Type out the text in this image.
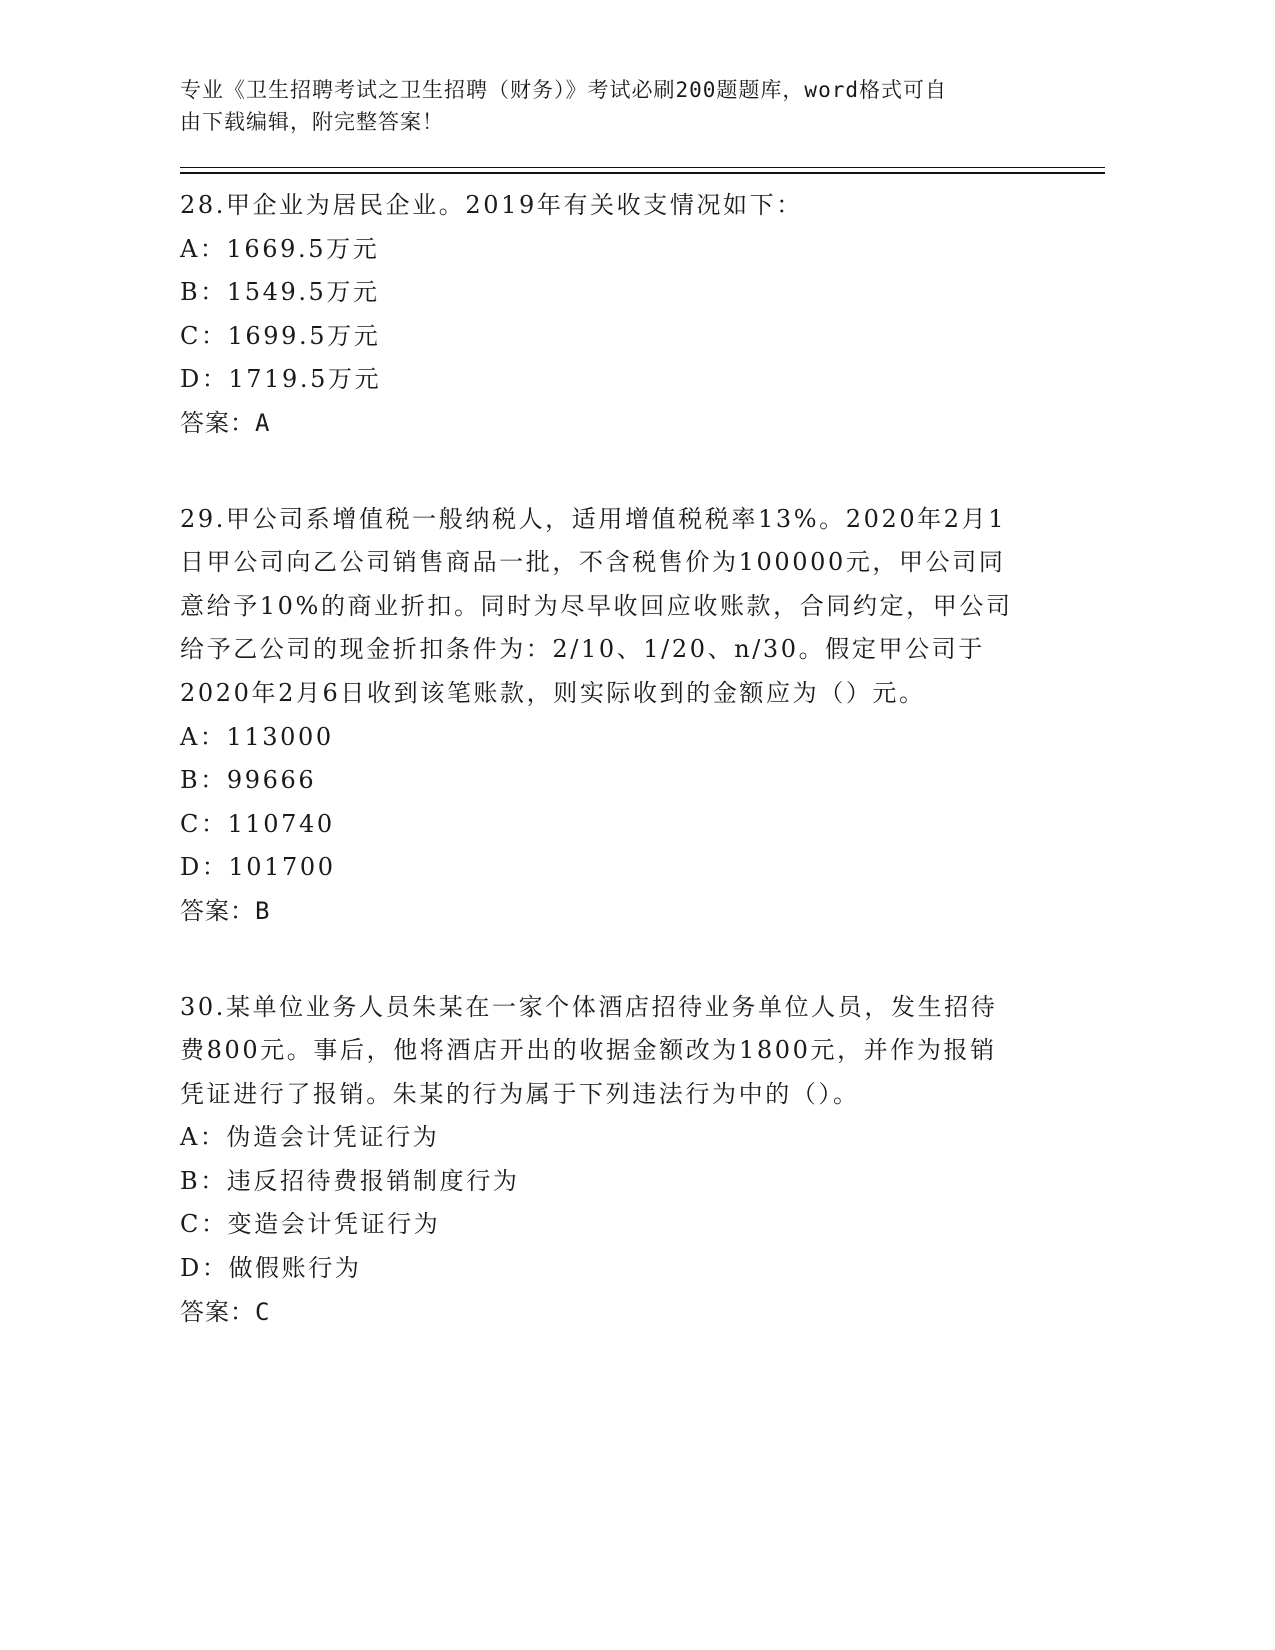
专业《卫生招聘考试之卫生招聘（财务）》考试必刷200题题库，word格式可自
由下载编辑，附完整答案！
28.甲企业为居民企业。2019年有关收支情况如下：
A：1669.5万元
B：1549.5万元
C：1699.5万元
D：1719.5万元
答案：A
29.甲公司系增值税一般纳税人，适用增值税税率13%。2020年2月1
日甲公司向乙公司销售商品一批，不含税售价为100000元，甲公司同
意给予10%的商业折扣。同时为尽早收回应收账款，合同约定，甲公司
给予乙公司的现金折扣条件为：2/10、1/20、n/30。假定甲公司于
2020年2月6日收到该笔账款，则实际收到的金额应为（）元。
A：113000
B：99666
C：110740
D：101700
答案：B
30.某单位业务人员朱某在一家个体酒店招待业务单位人员，发生招待
费800元。事后，他将酒店开出的收据金额改为1800元，并作为报销
凭证进行了报销。朱某的行为属于下列违法行为中的（）。
A：伪造会计凭证行为
B：违反招待费报销制度行为
C：变造会计凭证行为
D：做假账行为
答案：C
